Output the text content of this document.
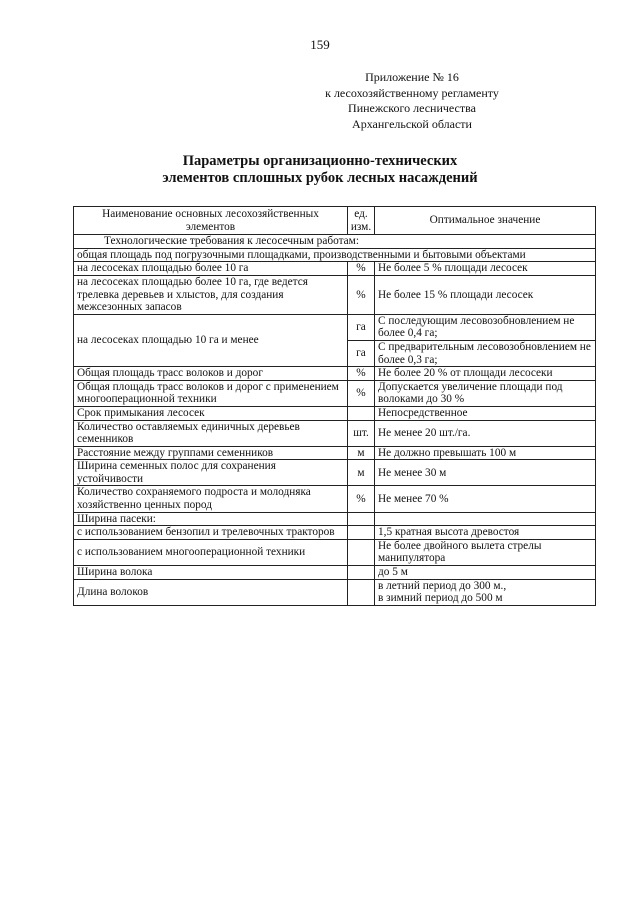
159
Приложение № 16
к лесохозяйственному регламенту
Пинежского лесничества
Архангельской области
Параметры организационно-технических
элементов сплошных рубок лесных насаждений
Наименование основных лесохозяйственных элементов	ед. изм.	Оптимальное значение
Технологические требования к лесосечным работам:		
общая площадь под погрузочными площадками, производственными и бытовыми объектами		
на лесосеках площадью более 10 га	%	Не более 5 % площади лесосек
на лесосеках площадью более 10 га, где ведется трелевка деревьев и хлыстов, для создания межсезонных запасов	%	Не более 15 % площади лесосек
на лесосеках площадью 10 га и менее	га	С последующим лесовозобновлением не более 0,4 га;
	га	С предварительным лесовозобновлением не более 0,3 га;
Общая площадь трасс волоков и дорог	%	Не более 20 % от площади лесосеки
Общая площадь трасс волоков и дорог с применением многооперационной техники	%	Допускается увеличение площади под волоками до 30 %
Срок примыкания лесосек		Непосредственное
Количество оставляемых единичных деревьев семенников	шт.	Не менее 20 шт./га.
Расстояние между группами семенников	м	Не должно превышать 100 м
Ширина семенных полос для сохранения устойчивости	м	Не менее 30 м
Количество сохраняемого подроста и молодняка хозяйственно ценных пород	%	Не менее 70 %
Ширина пасеки:		
с использованием бензопил и трелевочных тракторов		1,5 кратная высота древостоя
с использованием многооперационной техники		Не более двойного вылета стрелы манипулятора
Ширина волока		до 5 м
Длина волоков		в летний период до 300 м.,
в зимний период до 500 м
